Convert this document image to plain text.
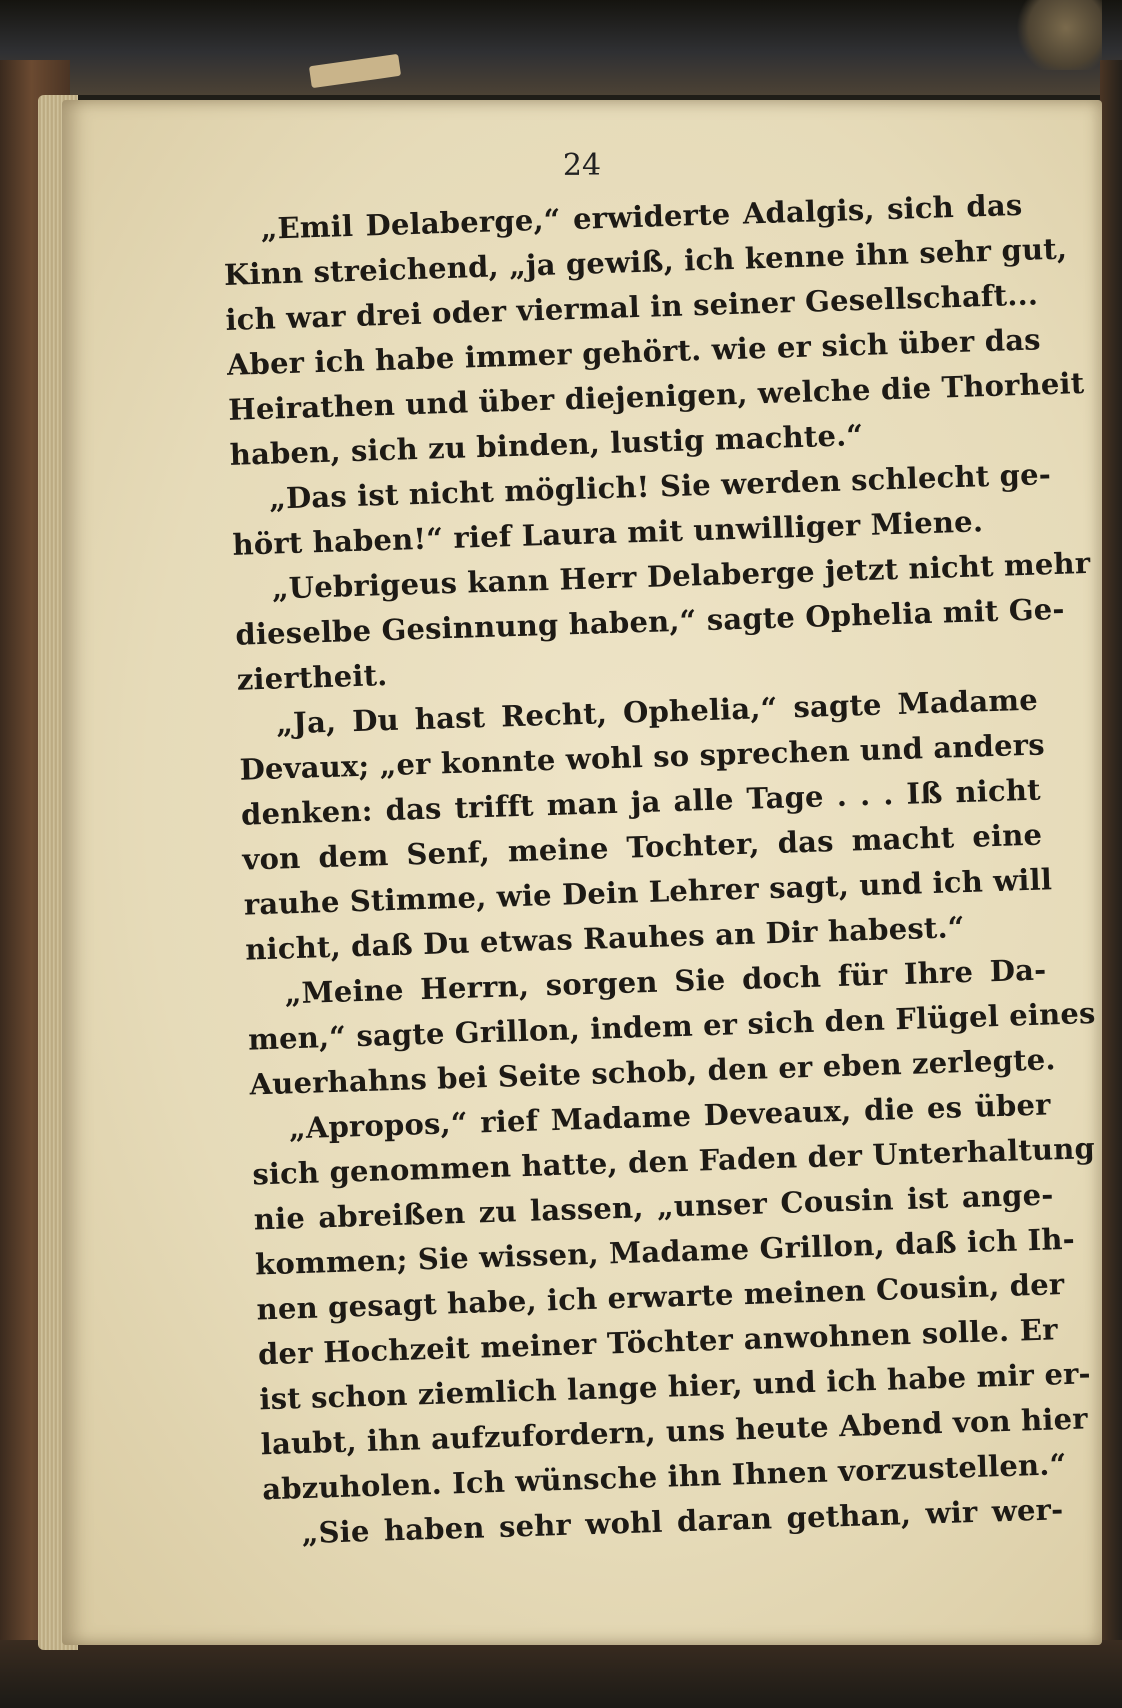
24
„Emil Delaberge,“ erwiderte Adalgis, sich das
Kinn streichend, „ja gewiß, ich kenne ihn sehr gut,
ich war drei oder viermal in seiner Gesellschaft...
Aber ich habe immer gehört. wie er sich über das
Heirathen und über diejenigen, welche die Thorheit
haben, sich zu binden, lustig machte.“
„Das ist nicht möglich! Sie werden schlecht ge-
hört haben!“ rief Laura mit unwilliger Miene.
„Uebrigeus kann Herr Delaberge jetzt nicht mehr
dieselbe Gesinnung haben,“ sagte Ophelia mit Ge-
ziertheit.
„Ja, Du hast Recht, Ophelia,“ sagte Madame
Devaux; „er konnte wohl so sprechen und anders
denken: das trifft man ja alle Tage . . . Iß nicht
von dem Senf, meine Tochter, das macht eine
rauhe Stimme, wie Dein Lehrer sagt, und ich will
nicht, daß Du etwas Rauhes an Dir habest.“
„Meine Herrn, sorgen Sie doch für Ihre Da-
men,“ sagte Grillon, indem er sich den Flügel eines
Auerhahns bei Seite schob, den er eben zerlegte.
„Apropos,“ rief Madame Deveaux, die es über
sich genommen hatte, den Faden der Unterhaltung
nie abreißen zu lassen, „unser Cousin ist ange-
kommen; Sie wissen, Madame Grillon, daß ich Ih-
nen gesagt habe, ich erwarte meinen Cousin, der
der Hochzeit meiner Töchter anwohnen solle. Er
ist schon ziemlich lange hier, und ich habe mir er-
laubt, ihn aufzufordern, uns heute Abend von hier
abzuholen. Ich wünsche ihn Ihnen vorzustellen.“
„Sie haben sehr wohl daran gethan, wir wer-
